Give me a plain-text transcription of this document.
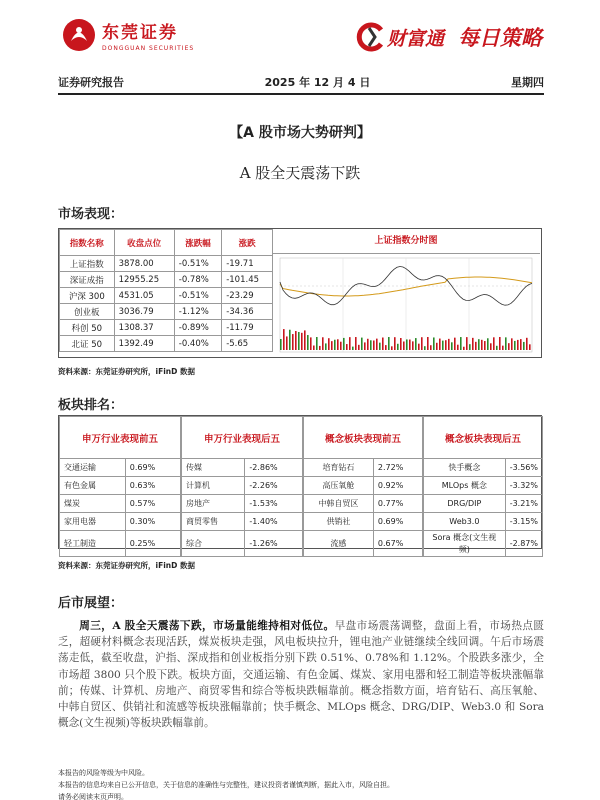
东莞证券
DONGGUAN SECURITIES	财富通 每日策略
证券研究报告	2025 年 12 月 4 日	星期四
【A 股市场大势研判】
A 股全天震荡下跌
市场表现：
指数名称	收盘点位	涨跌幅	涨跌
上证指数	3878.00	-0.51%	-19.71
深证成指	12955.25	-0.78%	-101.45
沪深 300	4531.05	-0.51%	-23.29
创业板	3036.79	-1.12%	-34.36
科创 50	1308.37	-0.89%	-11.79
北证 50	1392.49	-0.40%	-5.65
上证指数分时图
资料来源：东莞证券研究所，iFinD 数据
板块排名：
申万行业表现前五	
交通运输	0.69%
有色金属	0.63%
煤炭	0.57%
家用电器	0.30%
轻工制造	0.25%
申万行业表现后五	
传媒	-2.86%
计算机	-2.26%
房地产	-1.53%
商贸零售	-1.40%
综合	-1.26%
概念板块表现前五	
培育钻石	2.72%
高压氧舱	0.92%
中韩自贸区	0.77%
供销社	0.69%
流感	0.67%
概念板块表现后五	
快手概念	-3.56%
MLOps 概念	-3.32%
DRG/DIP	-3.21%
Web3.0	-3.15%
Sora 概念(文生视频)	-2.87%
资料来源：东莞证券研究所，iFinD 数据
后市展望：
周三，A 股全天震荡下跌，市场量能维持相对低位。早盘市场震荡调整，盘面上看，市场热点匮乏，超硬材料概念表现活跃，煤炭板块走强，风电板块拉升，锂电池产业链继续全线回调。午后市场震荡走低，截至收盘，沪指、深成指和创业板指分别下跌 0.51%、0.78%和 1.12%。个股跌多涨少，全市场超 3800 只个股下跌。板块方面，交通运输、有色金属、煤炭、家用电器和轻工制造等板块涨幅靠前；传媒、计算机、房地产、商贸零售和综合等板块跌幅靠前。概念指数方面，培育钻石、高压氧舱、中韩自贸区、供销社和流感等板块涨幅靠前；快手概念、MLOps 概念、DRG/DIP、Web3.0 和 Sora 概念(文生视频)等板块跌幅靠前。
本报告的风险等级为中风险。
本报告的信息均来自已公开信息，关于信息的准确性与完整性，建议投资者谨慎判断，据此入市，风险自担。
请务必阅读末页声明。
